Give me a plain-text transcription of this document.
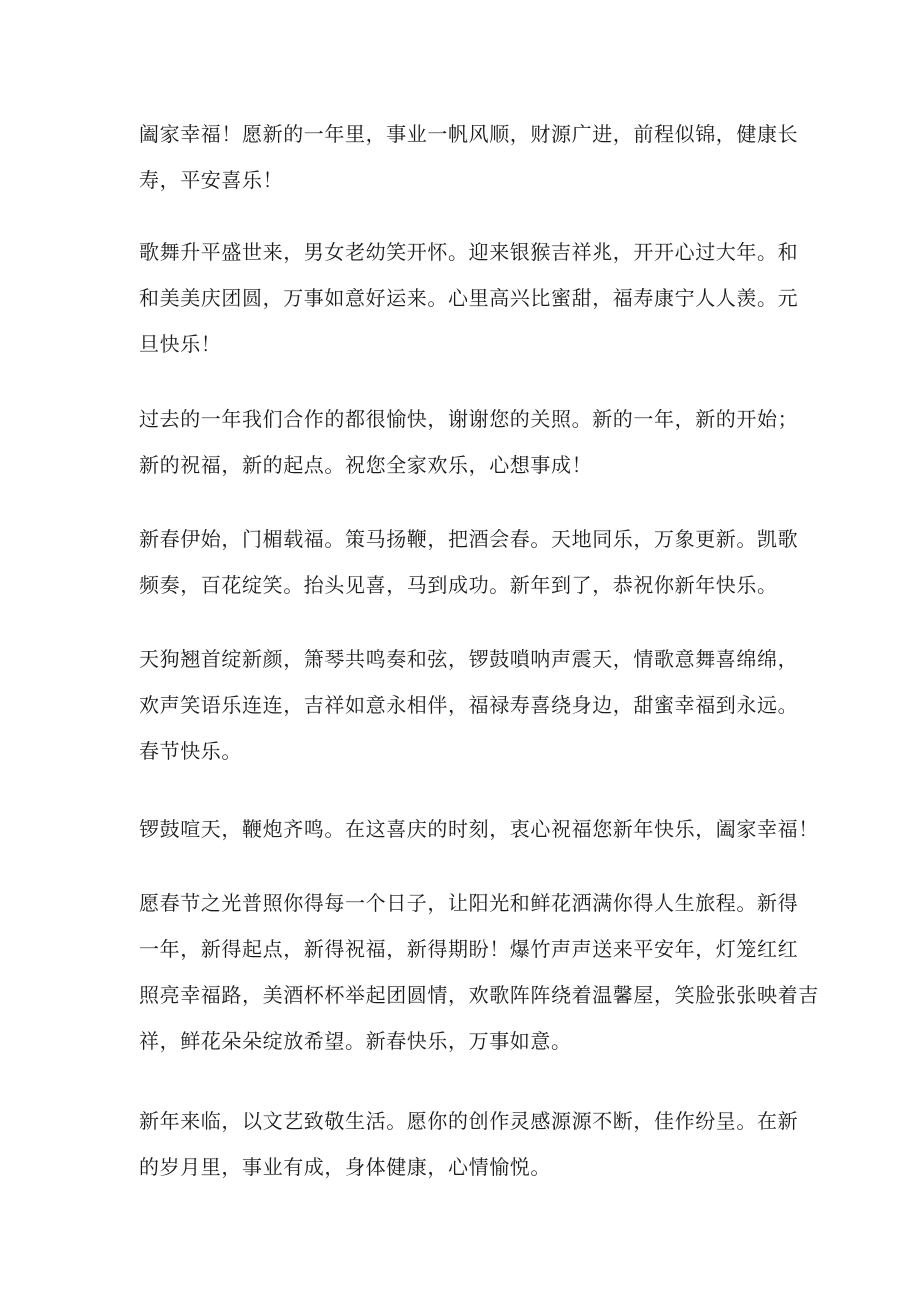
阖家幸福！愿新的一年里，事业一帆风顺，财源广进，前程似锦，健康长
寿，平安喜乐！

歌舞升平盛世来，男女老幼笑开怀。迎来银猴吉祥兆，开开心过大年。和
和美美庆团圆，万事如意好运来。心里高兴比蜜甜，福寿康宁人人羡。元
旦快乐！

过去的一年我们合作的都很愉快，谢谢您的关照。新的一年，新的开始；
新的祝福，新的起点。祝您全家欢乐，心想事成！

新春伊始，门楣载福。策马扬鞭，把酒会春。天地同乐，万象更新。凯歌
频奏，百花绽笑。抬头见喜，马到成功。新年到了，恭祝你新年快乐。

天狗翘首绽新颜，箫琴共鸣奏和弦，锣鼓嗩呐声震天，情歌意舞喜绵绵，
欢声笑语乐连连，吉祥如意永相伴，福禄寿喜绕身边，甜蜜幸福到永远。
春节快乐。

锣鼓喧天，鞭炮齐鸣。在这喜庆的时刻，衷心祝福您新年快乐，阖家幸福！

愿春节之光普照你得每一个日子，让阳光和鲜花洒满你得人生旅程。新得
一年，新得起点，新得祝福，新得期盼！爆竹声声送来平安年，灯笼红红
照亮幸福路，美酒杯杯举起团圆情，欢歌阵阵绕着温馨屋，笑脸张张映着吉
祥，鲜花朵朵绽放希望。新春快乐，万事如意。

新年来临，以文艺致敬生活。愿你的创作灵感源源不断，佳作纷呈。在新
的岁月里，事业有成，身体健康，心情愉悦。
